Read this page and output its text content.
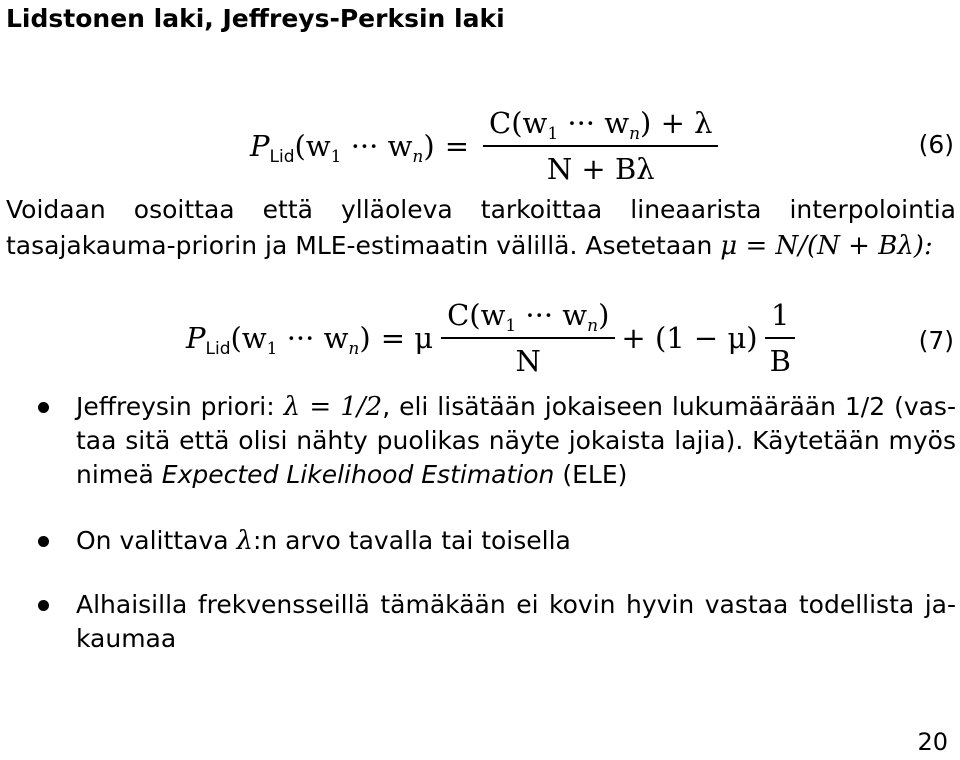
Lidstonen laki, Jeffreys-Perksin laki
$P_{Lid}(w_1$ ··· $w_n) = \frac{C(w_1 \cdot\cdot\cdot w_n) + \lambda}{N + B\lambda}$	(6)
Voidaan osoittaa että ylläoleva tarkoittaa lineaarista interpolointia
tasajakauma-priorin ja MLE-estimaatin välillä. Asetetaan μ = N/(N + Bλ):
$P_{Lid}(w_1$ ··· $w_n) = \mu \frac{C(w_1 \cdot\cdot\cdot w_n)}{N} + (1 - \mu) \frac{1}{B}$	(7)
Jeffreysin priori: λ = 1/2, eli lisätään jokaiseen lukumäärään 1/2 (vas-
taa sitä että olisi nähty puolikas näyte jokaista lajia). Käytetään myös
nimeä Expected Likelihood Estimation (ELE)
On valittava λ:n arvo tavalla tai toisella
Alhaisilla frekvensseillä tämäkään ei kovin hyvin vastaa todellista ja-
kaumaa
20
